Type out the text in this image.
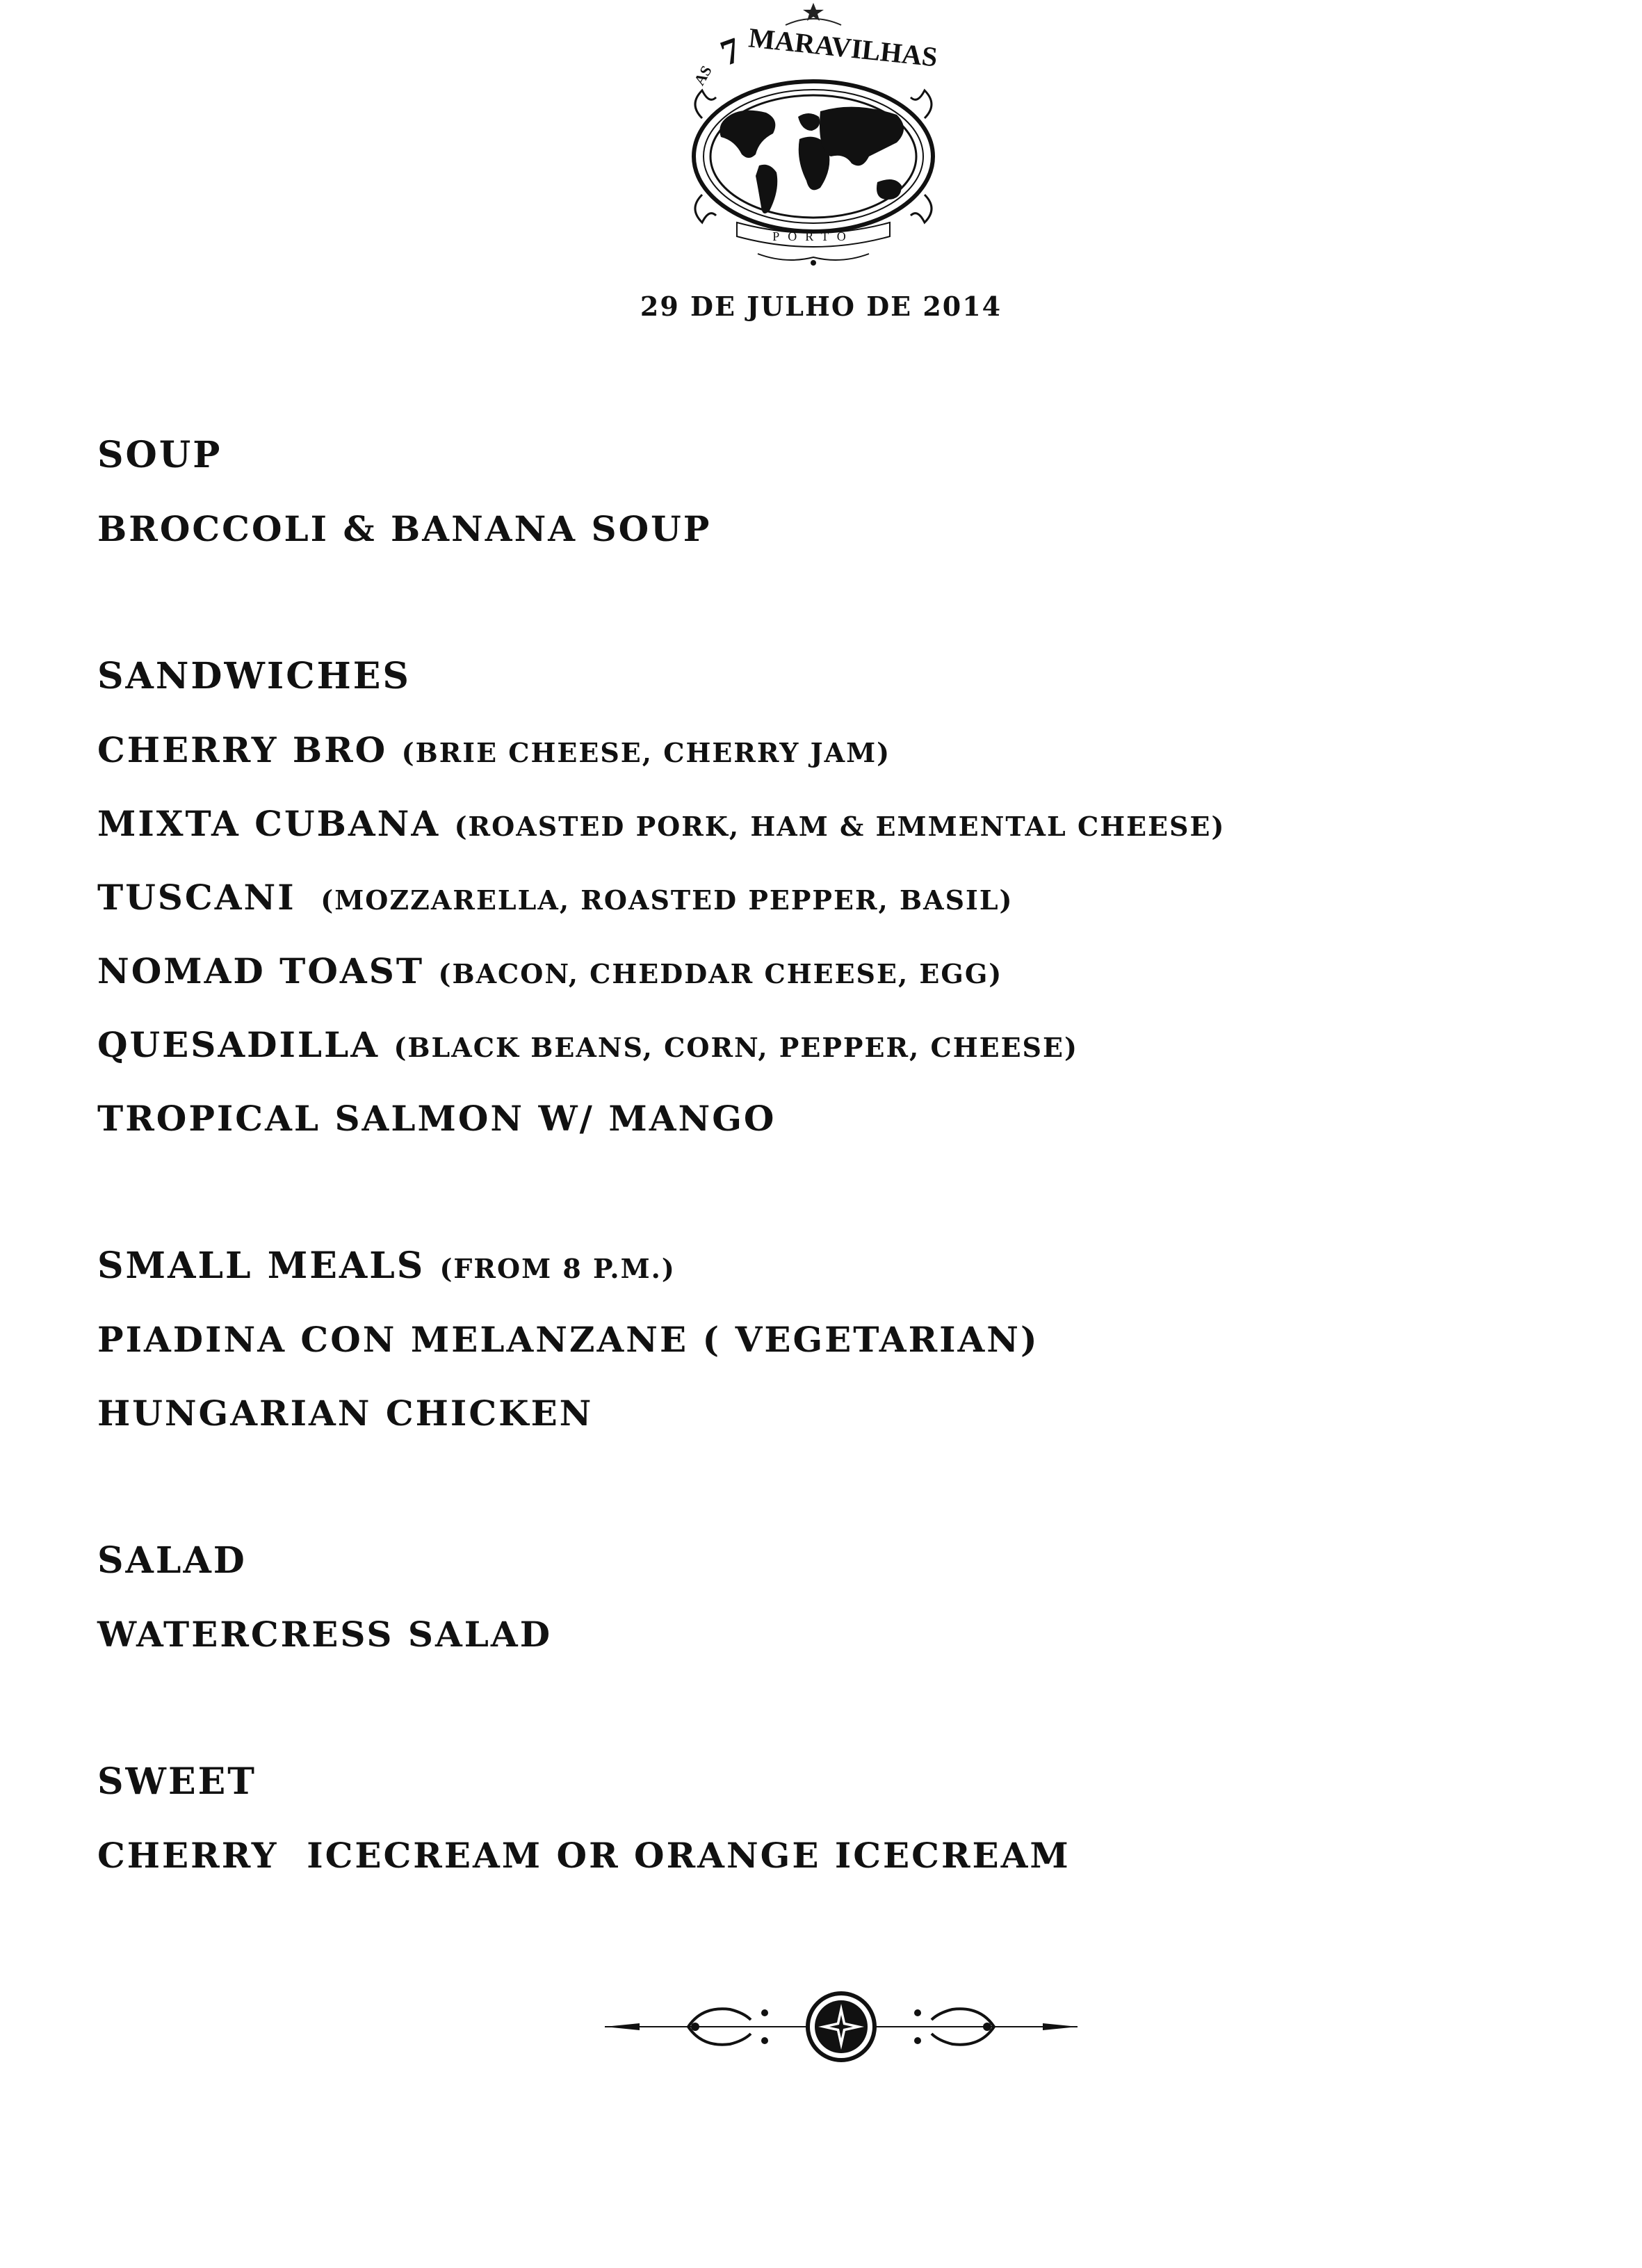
AS
7 MARAVILHAS
PORTO
29 DE JULHO DE 2014
SOUP
BROCCOLI & BANANA SOUP
SANDWICHES
CHERRY BRO (BRIE CHEESE, CHERRY JAM)
MIXTA CUBANA (ROASTED PORK, HAM & EMMENTAL CHEESE)
TUSCANI  (MOZZARELLA, ROASTED PEPPER, BASIL)
NOMAD TOAST (BACON, CHEDDAR CHEESE, EGG)
QUESADILLA (BLACK BEANS, CORN, PEPPER, CHEESE)
TROPICAL SALMON W/ MANGO
SMALL MEALS (FROM 8 P.M.)
PIADINA CON MELANZANE ( VEGETARIAN)
HUNGARIAN CHICKEN
SALAD
WATERCRESS SALAD
SWEET
CHERRY  ICECREAM OR ORANGE ICECREAM
